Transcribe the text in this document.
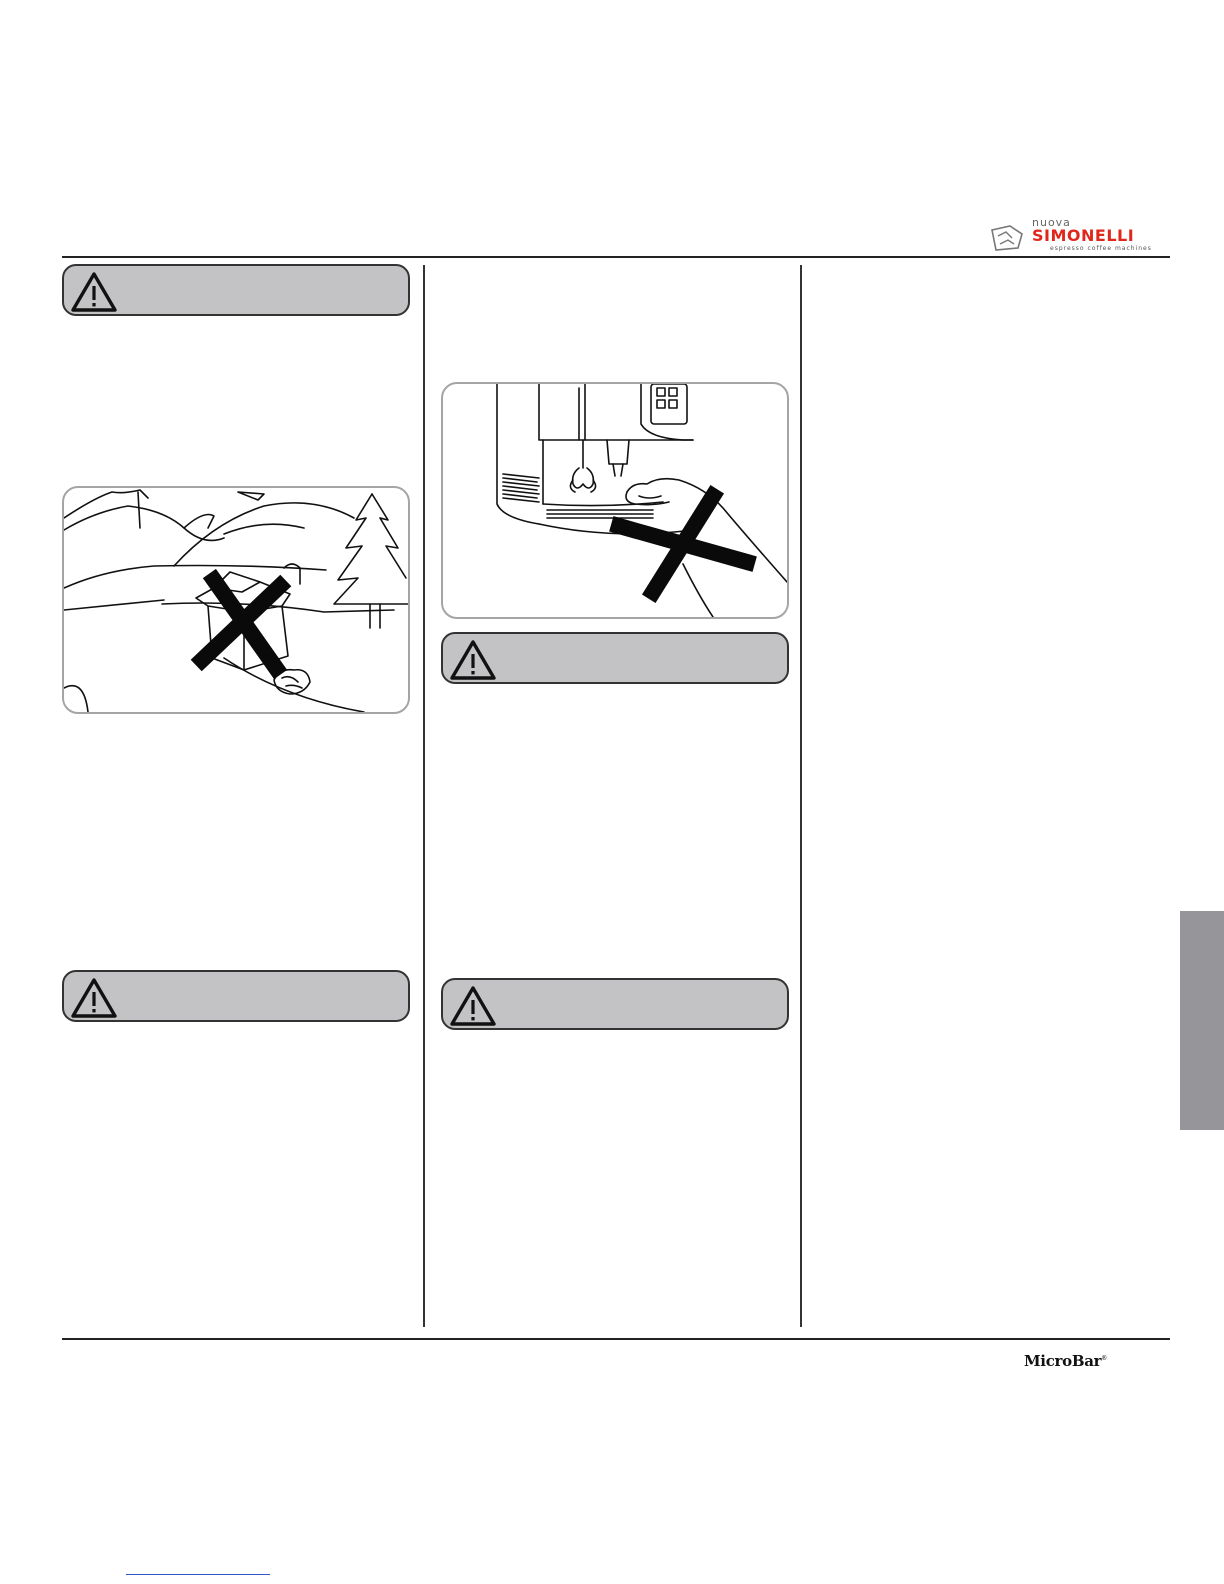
nuova
SIMONELLI
espresso coffee machines
MicroBar®
